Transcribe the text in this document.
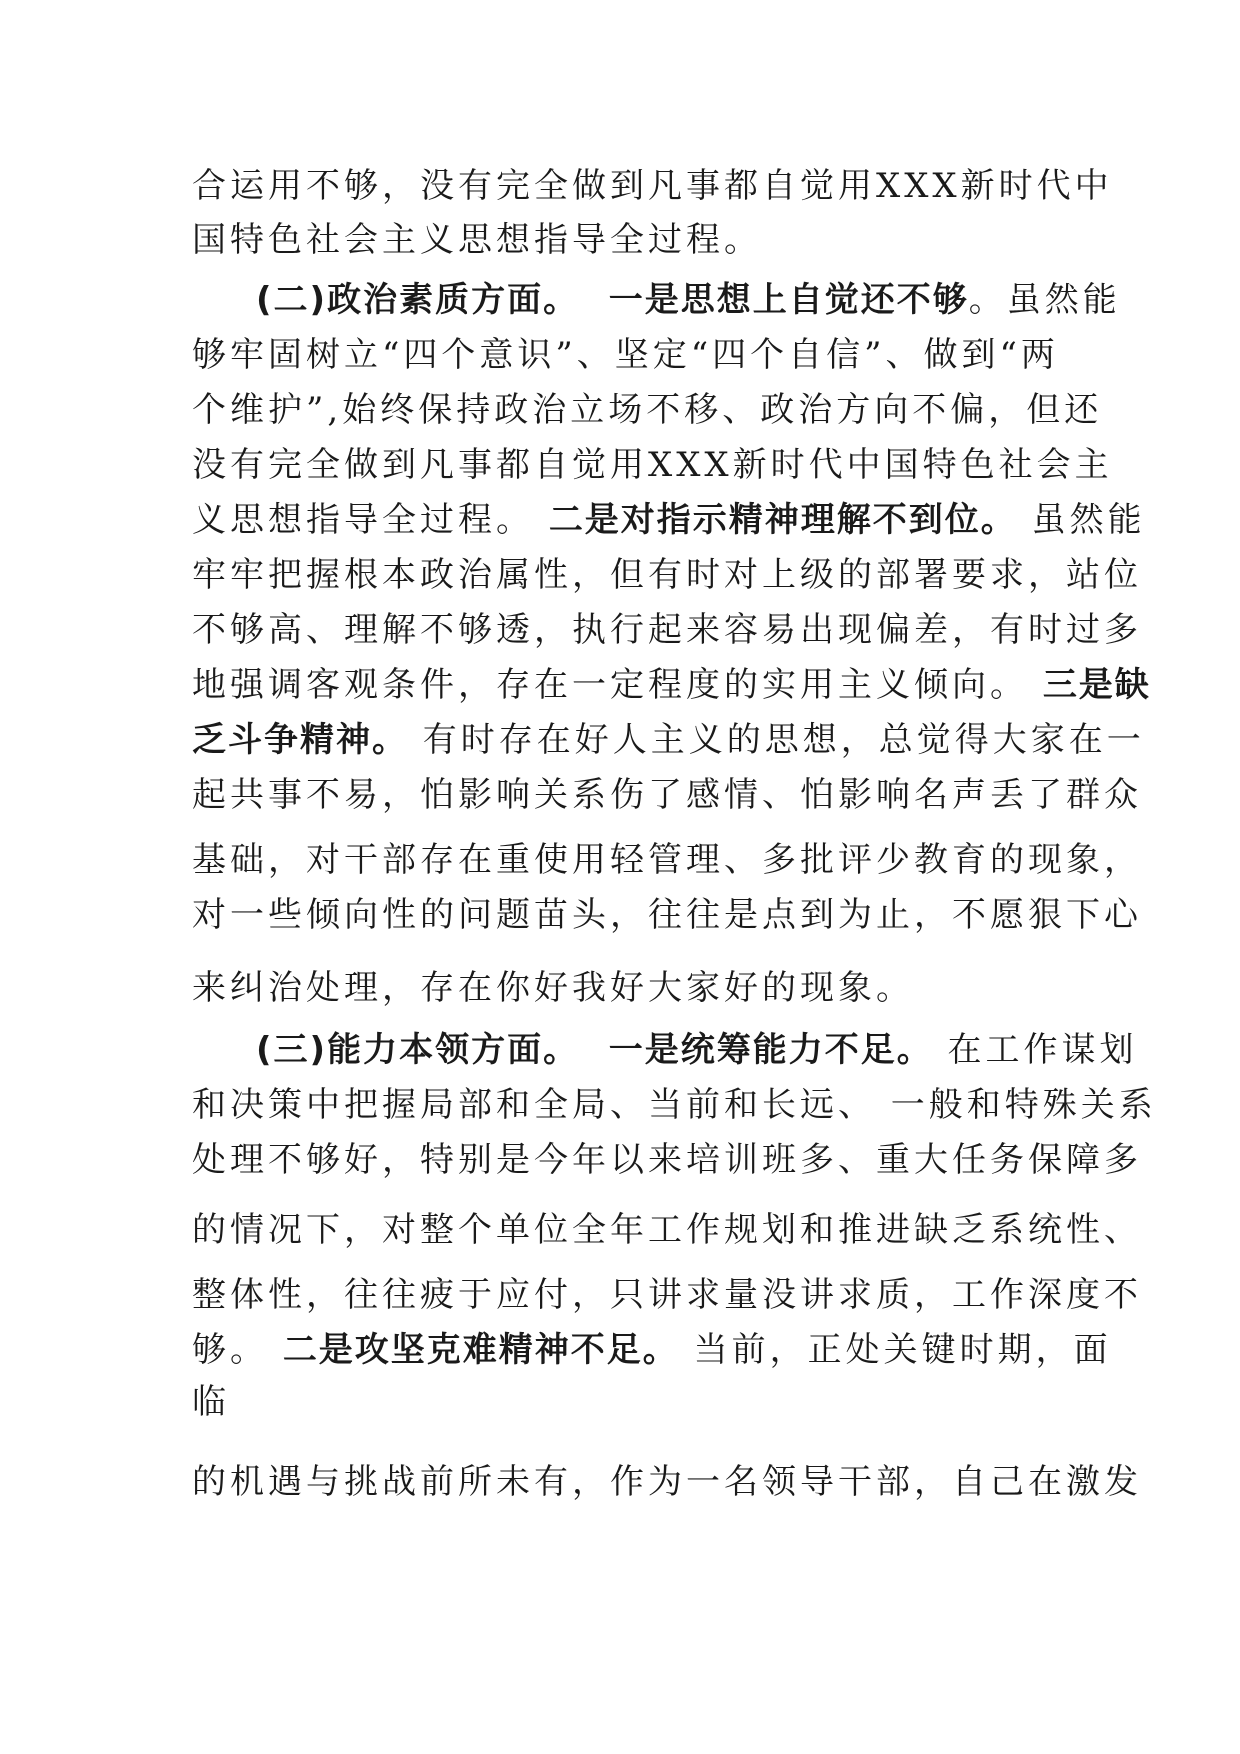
合运用不够，没有完全做到凡事都自觉用XXX新时代中
国特色社会主义思想指导全过程。
(二)政治素质方面。 一是思想上自觉还不够。虽然能
够牢固树立“四个意识”、坚定“四个自信”、做到“两
个维护”,始终保持政治立场不移、政治方向不偏，但还
没有完全做到凡事都自觉用XXX新时代中国特色社会主
义思想指导全过程。 二是对指示精神理解不到位。 虽然能
牢牢把握根本政治属性，但有时对上级的部署要求，站位
不够高、理解不够透，执行起来容易出现偏差，有时过多
地强调客观条件，存在一定程度的实用主义倾向。 三是缺
乏斗争精神。 有时存在好人主义的思想，总觉得大家在一
起共事不易，怕影响关系伤了感情、怕影响名声丢了群众
基础，对干部存在重使用轻管理、多批评少教育的现象，
对一些倾向性的问题苗头，往往是点到为止，不愿狠下心
来纠治处理，存在你好我好大家好的现象。
(三)能力本领方面。 一是统筹能力不足。 在工作谋划
和决策中把握局部和全局、当前和长远、 一般和特殊关系
处理不够好，特别是今年以来培训班多、重大任务保障多
的情况下，对整个单位全年工作规划和推进缺乏系统性、
整体性，往往疲于应付，只讲求量没讲求质，工作深度不
够。 二是攻坚克难精神不足。 当前，正处关键时期，面
临
的机遇与挑战前所未有，作为一名领导干部，自己在激发
